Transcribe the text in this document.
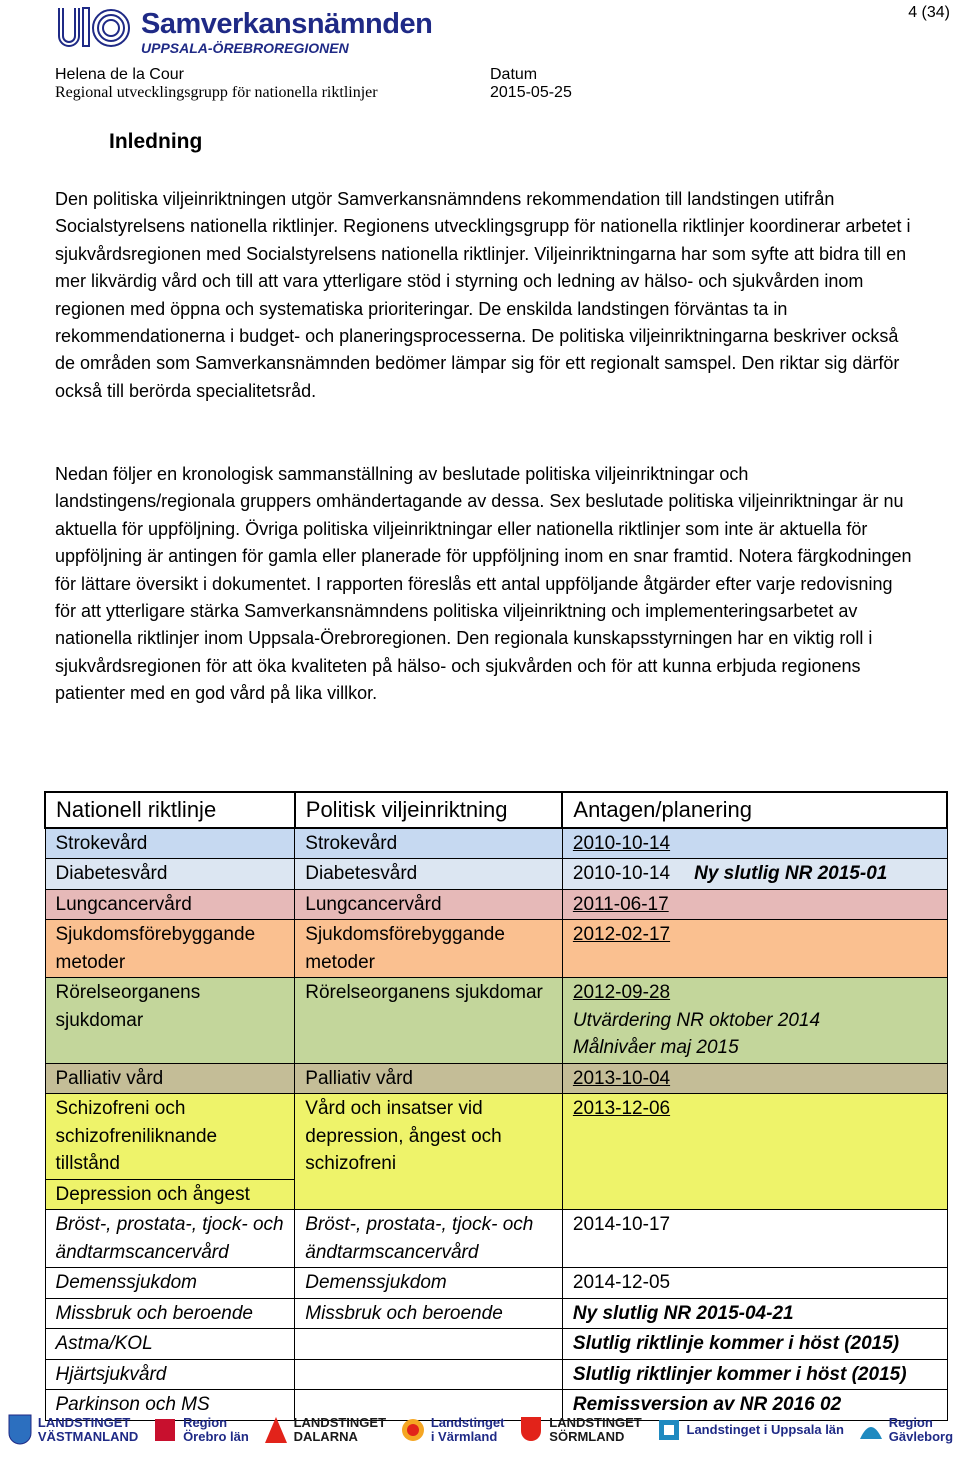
4 (34)
Samverkansnämnden
UPPSALA-ÖREBROREGIONEN
Helena de la Cour
Regional utvecklingsgrupp för nationella riktlinjer
Datum
2015-05-25
Inledning

Den politiska viljeinriktningen utgör Samverkansnämndens rekommendation till landstingen utifrån Socialstyrelsens nationella riktlinjer. Regionens utvecklingsgrupp för nationella riktlinjer koordinerar arbetet i sjukvårdsregionen med Socialstyrelsens nationella riktlinjer. Viljeinriktningarna har som syfte att bidra till en mer likvärdig vård och till att vara ytterligare stöd i styrning och ledning av hälso- och sjukvården inom regionen med öppna och systematiska prioriteringar. De enskilda landstingen förväntas ta in rekommendationerna i budget- och planeringsprocesserna. De politiska viljeinriktningarna beskriver också de områden som Samverkansnämnden bedömer lämpar sig för ett regionalt samspel. Den riktar sig därför också till berörda specialitetsråd.

Nedan följer en kronologisk sammanställning av beslutade politiska viljeinriktningar och landstingens/regionala gruppers omhändertagande av dessa. Sex beslutade politiska viljeinriktningar är nu aktuella för uppföljning. Övriga politiska viljeinriktningar eller nationella riktlinjer som inte är aktuella för uppföljning är antingen för gamla eller planerade för uppföljning inom en snar framtid. Notera färgkodningen för lättare översikt i dokumentet. I rapporten föreslås ett antal uppföljande åtgärder efter varje redovisning för att ytterligare stärka Samverkansnämndens politiska viljeinriktning och implementeringsarbetet av nationella riktlinjer inom Uppsala-Örebroregionen. Den regionala kunskapsstyrningen har en viktig roll i sjukvårdsregionen för att öka kvaliteten på hälso- och sjukvården och för att kunna erbjuda regionens patienter med en god vård på lika villkor.

Nationell riktlinje	Politisk viljeinriktning	Antagen/planering
Strokevård	Strokevård	2010-10-14
Diabetesvård	Diabetesvård	2010-10-14 Ny slutlig NR 2015-01
Lungcancervård	Lungcancervård	2011-06-17
Sjukdomsförebyggande metoder	Sjukdomsförebyggande metoder	2012-02-17
Rörelseorganens sjukdomar	Rörelseorganens sjukdomar	2012-09-28
Utvärdering NR oktober 2014
Målnivåer maj 2015

Palliativ vård	Palliativ vård	2013-10-04
Schizofreni och schizofreniliknande tillstånd	Vård och insatser vid depression, ångest och schizofreni	2013-12-06
Depression och ångest		
Bröst-, prostata-, tjock- och ändtarmscancervård	Bröst-, prostata-, tjock- och ändtarmscancervård	2014-10-17
Demenssjukdom	Demenssjukdom	2014-12-05
Missbruk och beroende	Missbruk och beroende	Ny slutlig NR 2015-04-21
Astma/KOL		Slutlig riktlinje kommer i höst (2015)
Hjärtsjukvård		Slutlig riktlinjer kommer i höst (2015)
Parkinson och MS		Remissversion av NR 2016 02
LANDSTINGET
VÄSTMANLAND
Region
Örebro län
LANDSTINGET
DALARNA
Landstinget
i Värmland
LANDSTINGET
SÖRMLAND	Landstinget i Uppsala län	Region
Gävleborg
